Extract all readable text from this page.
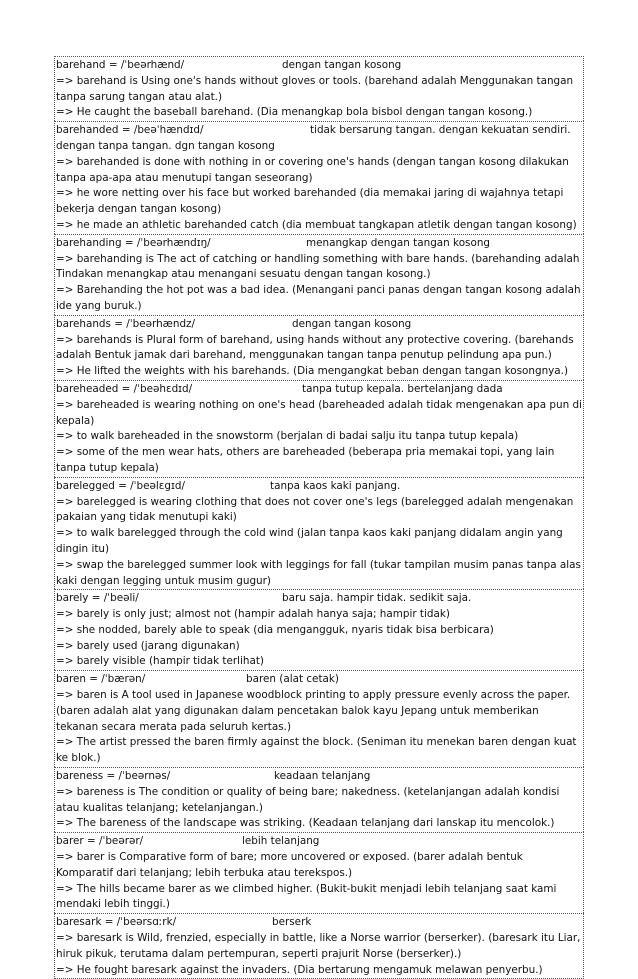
barehand = /ˈbeərhænd/	dengan tangan kosong

=> barehand is Using one's hands without gloves or tools. (barehand adalah Menggunakan tangan tanpa sarung tangan atau alat.)

=> He caught the baseball barehand. (Dia menangkap bola bisbol dengan tangan kosong.)

barehanded = /beəˈhændɪd/	tidak bersarung tangan. dengan kekuatan sendiri. dengan tanpa tangan. dgn tangan kosong

=> barehanded is done with nothing in or covering one's hands (dengan tangan kosong dilakukan tanpa apa-apa atau menutupi tangan seseorang)

=> he wore netting over his face but worked barehanded (dia memakai jaring di wajahnya tetapi bekerja dengan tangan kosong)

=> he made an athletic barehanded catch (dia membuat tangkapan atletik dengan tangan kosong)

barehanding = /ˈbeərhændɪŋ/	menangkap dengan tangan kosong

=> barehanding is The act of catching or handling something with bare hands. (barehanding adalah Tindakan menangkap atau menangani sesuatu dengan tangan kosong.)

=> Barehanding the hot pot was a bad idea. (Menangani panci panas dengan tangan kosong adalah ide yang buruk.)

barehands = /ˈbeərhændz/	dengan tangan kosong

=> barehands is Plural form of barehand, using hands without any protective covering. (barehands adalah Bentuk jamak dari barehand, menggunakan tangan tanpa penutup pelindung apa pun.)

=> He lifted the weights with his barehands. (Dia mengangkat beban dengan tangan kosongnya.)

bareheaded = /ˈbeəhɛdɪd/	tanpa tutup kepala. bertelanjang dada

=> bareheaded is wearing nothing on one's head (bareheaded adalah tidak mengenakan apa pun di kepala)

=> to walk bareheaded in the snowstorm (berjalan di badai salju itu tanpa tutup kepala)

=> some of the men wear hats, others are bareheaded (beberapa pria memakai topi, yang lain tanpa tutup kepala)

barelegged = /ˈbeəlɛgɪd/	tanpa kaos kaki panjang.

=> barelegged is wearing clothing that does not cover one's legs (barelegged adalah mengenakan pakaian yang tidak menutupi kaki)

=> to walk barelegged through the cold wind (jalan tanpa kaos kaki panjang didalam angin yang dingin itu)

=> swap the barelegged summer look with leggings for fall (tukar tampilan musim panas tanpa alas kaki dengan legging untuk musim gugur)

barely = /ˈbeəli/	baru saja. hampir tidak. sedikit saja.

=> barely is only just; almost not (hampir adalah hanya saja; hampir tidak)

=> she nodded, barely able to speak (dia mengangguk, nyaris tidak bisa berbicara)

=> barely used (jarang digunakan)

=> barely visible (hampir tidak terlihat)

baren = /ˈbærən/	baren (alat cetak)

=> baren is A tool used in Japanese woodblock printing to apply pressure evenly across the paper. (baren adalah alat yang digunakan dalam pencetakan balok kayu Jepang untuk memberikan tekanan secara merata pada seluruh kertas.)

=> The artist pressed the baren firmly against the block. (Seniman itu menekan baren dengan kuat ke blok.)

bareness = /ˈbeərnəs/	keadaan telanjang

=> bareness is The condition or quality of being bare; nakedness. (ketelanjangan adalah kondisi atau kualitas telanjang; ketelanjangan.)

=> The bareness of the landscape was striking. (Keadaan telanjang dari lanskap itu mencolok.)

barer = /ˈbeərər/	lebih telanjang

=> barer is Comparative form of bare; more uncovered or exposed. (barer adalah bentuk Komparatif dari telanjang; lebih terbuka atau terekspos.)

=> The hills became barer as we climbed higher. (Bukit-bukit menjadi lebih telanjang saat kami mendaki lebih tinggi.)

baresark = /ˈbeərsɑːrk/	berserk

=> baresark is Wild, frenzied, especially in battle, like a Norse warrior (berserker). (baresark itu Liar, hiruk pikuk, terutama dalam pertempuran, seperti prajurit Norse (berserker).)

=> He fought baresark against the invaders. (Dia bertarung mengamuk melawan penyerbu.)
